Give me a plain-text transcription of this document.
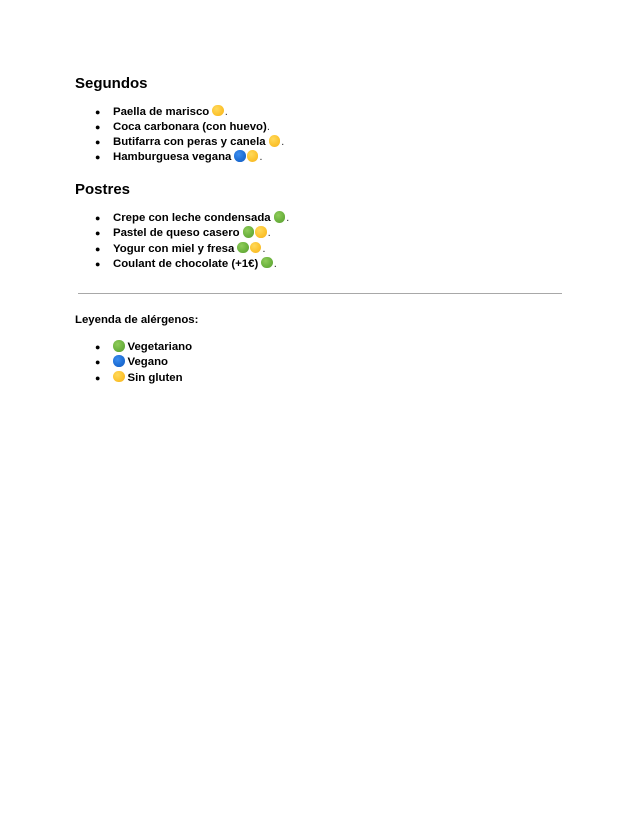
Segundos
● Paella de marisco .
● Coca carbonara (con huevo).
● Butifarra con peras y canela .
● Hamburguesa vegana .
Postres
● Crepe con leche condensada .
● Pastel de queso casero .
● Yogur con miel y fresa .
● Coulant de chocolate (+1€) .

Leyenda de alérgenos:

●	Vegetariano
●	Vegano
●	Sin gluten
